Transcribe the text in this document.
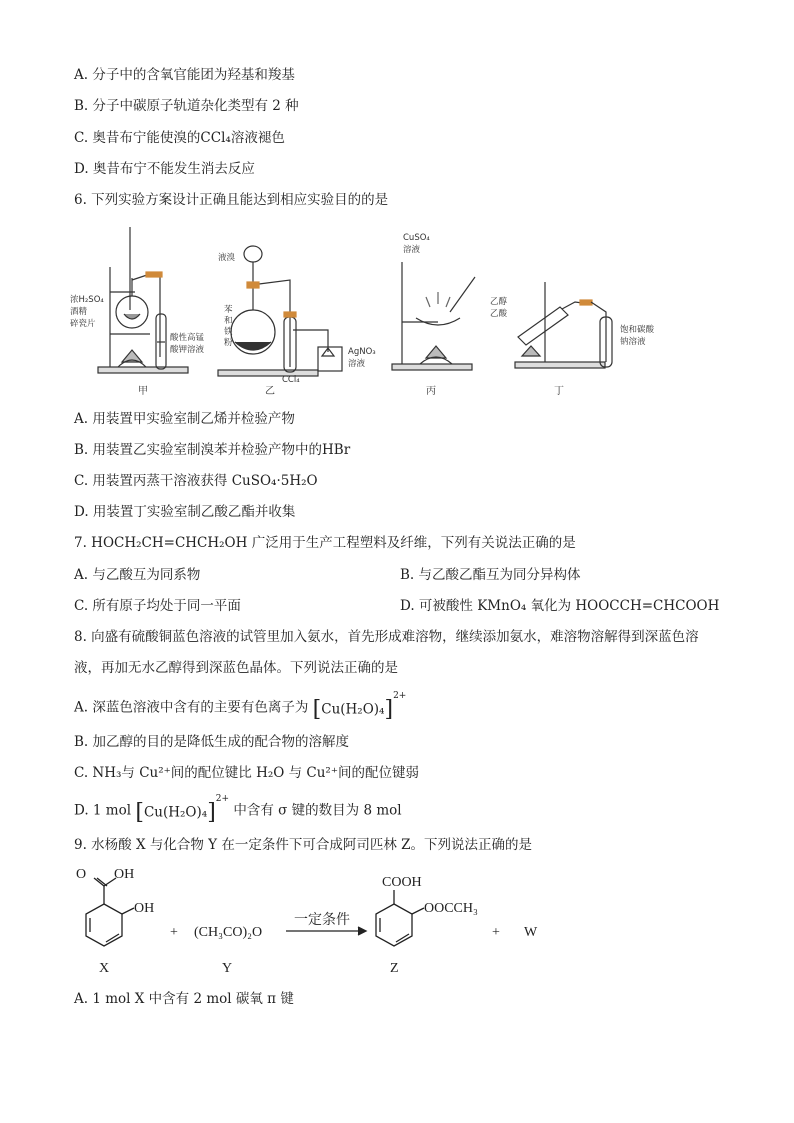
A. 分子中的含氧官能团为羟基和羧基
B. 分子中碳原子轨道杂化类型有 2 种
C. 奥昔布宁能使溴的CCl₄溶液褪色
D. 奥昔布宁不能发生消去反应
6. 下列实验方案设计正确且能达到相应实验目的的是
浓H₂SO₄
酒精
碎瓷片
酸性高锰
酸钾溶液
液溴
苯
和
铁
粉
CCl₄
AgNO₃
溶液
CuSO₄
溶液
乙醇
乙酸
饱和碳酸
钠溶液
甲	乙	丙	丁
A. 用装置甲实验室制乙烯并检验产物
B. 用装置乙实验室制溴苯并检验产物中的HBr
C. 用装置丙蒸干溶液获得 CuSO₄·5H₂O
D. 用装置丁实验室制乙酸乙酯并收集
7. HOCH₂CH=CHCH₂OH 广泛用于生产工程塑料及纤维，下列有关说法正确的是
A. 与乙酸互为同系物	B. 与乙酸乙酯互为同分异构体
C. 所有原子均处于同一平面	D. 可被酸性 KMnO₄ 氧化为 HOOCCH=CHCOOH
8. 向盛有硫酸铜蓝色溶液的试管里加入氨水，首先形成难溶物，继续添加氨水，难溶物溶解得到深蓝色溶
液，再加无水乙醇得到深蓝色晶体。下列说法正确的是
A. 深蓝色溶液中含有的主要有色离子为 $[Cu(H_2O)_4]^{2+}$
B. 加乙醇的目的是降低生成的配合物的溶解度
C. NH₃与 Cu²⁺间的配位键比 H₂O 与 Cu²⁺间的配位键弱
D. 1 mol $[Cu(H_2O)_4]^{2+}$ 中含有 σ 键的数目为 8 mol
9. 水杨酸 X 与化合物 Y 在一定条件下可合成阿司匹林 Z。下列说法正确的是
O OH
OH
X
+ (CH₃CO)₂O
Y
一定条件
COOH
OOCCH₃
Z
+ W
A. 1 mol X 中含有 2 mol 碳氧 π 键
